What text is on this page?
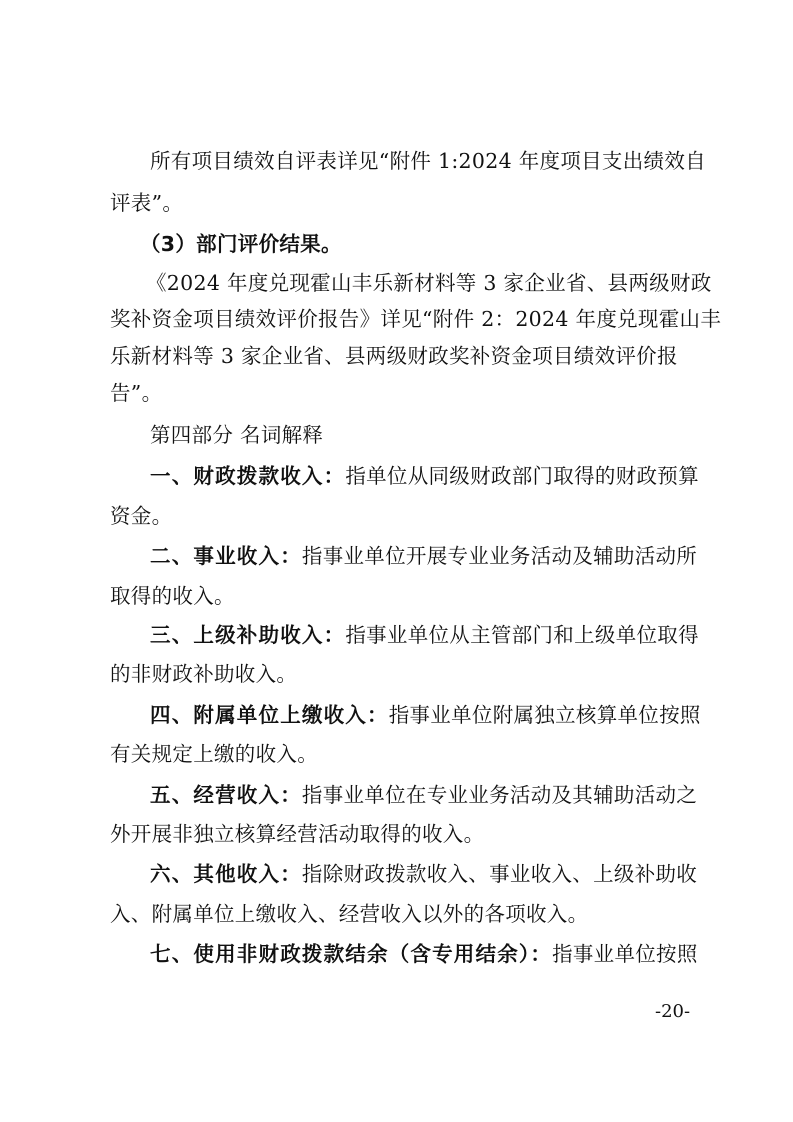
所有项目绩效自评表详见“附件 1:2024 年度项目支出绩效自
评表”。
（3）部门评价结果。
《2024 年度兑现霍山丰乐新材料等 3 家企业省、县两级财政
奖补资金项目绩效评价报告》详见“附件 2：2024 年度兑现霍山丰
乐新材料等 3 家企业省、县两级财政奖补资金项目绩效评价报
告”。
第四部分 名词解释
一、财政拨款收入：指单位从同级财政部门取得的财政预算
资金。
二、事业收入：指事业单位开展专业业务活动及辅助活动所
取得的收入。
三、上级补助收入：指事业单位从主管部门和上级单位取得
的非财政补助收入。
四、附属单位上缴收入：指事业单位附属独立核算单位按照
有关规定上缴的收入。
五、经营收入：指事业单位在专业业务活动及其辅助活动之
外开展非独立核算经营活动取得的收入。
六、其他收入：指除财政拨款收入、事业收入、上级补助收
入、附属单位上缴收入、经营收入以外的各项收入。
七、使用非财政拨款结余（含专用结余）：指事业单位按照
-20-
